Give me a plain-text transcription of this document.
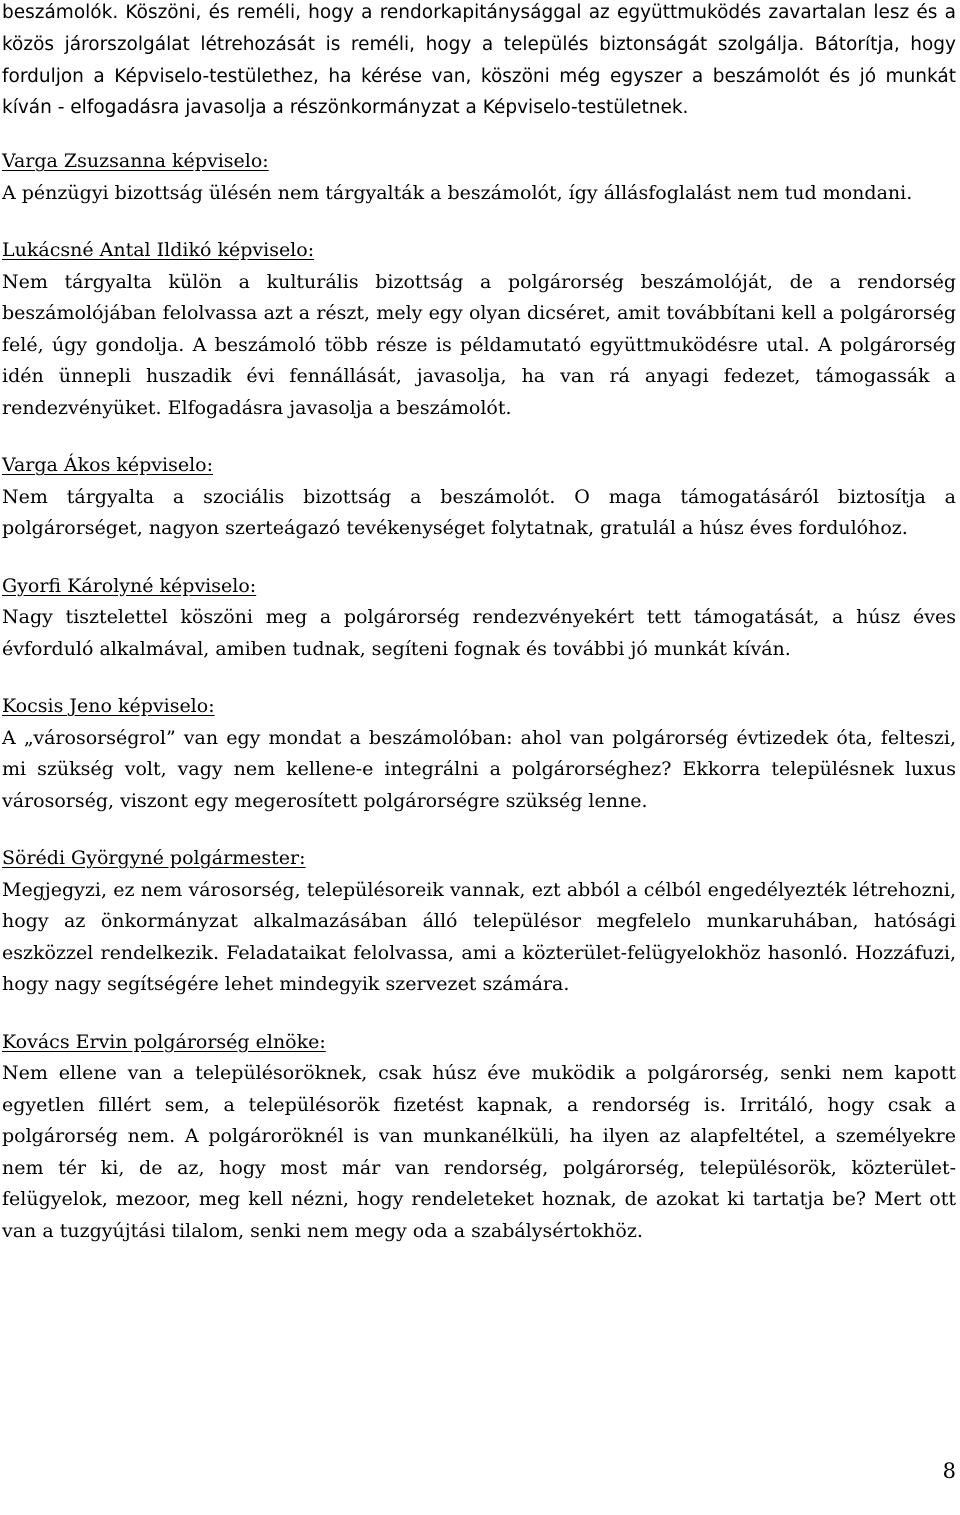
beszámolók. Köszöni, és reméli, hogy a rendorkapitánysággal az együttmuködés zavartalan lesz és a közös járorszolgálat létrehozását is reméli, hogy a település biztonságát szolgálja. Bátorítja, hogy forduljon a Képviselo-testülethez, ha kérése van, köszöni még egyszer a beszámolót és jó munkát kíván - elfogadásra javasolja a részönkormányzat a Képviselo-testületnek.

Varga Zsuzsanna képviselo:

A pénzügyi bizottság ülésén nem tárgyalták a beszámolót, így állásfoglalást nem tud mondani.

Lukácsné Antal Ildikó képviselo:

Nem tárgyalta külön a kulturális bizottság a polgárorség beszámolóját, de a rendorség beszámolójában felolvassa azt a részt, mely egy olyan dicséret, amit továbbítani kell a polgárorség felé, úgy gondolja. A beszámoló több része is példamutató együttmuködésre utal. A polgárorség idén ünnepli huszadik évi fennállását, javasolja, ha van rá anyagi fedezet, támogassák a rendezvényüket. Elfogadásra javasolja a beszámolót.

Varga Ákos képviselo:

Nem tárgyalta a szociális bizottság a beszámolót. O maga támogatásáról biztosítja a polgárorséget, nagyon szerteágazó tevékenységet folytatnak, gratulál a húsz éves fordulóhoz.

Gyorfi Károlyné képviselo:

Nagy tisztelettel köszöni meg a polgárorség rendezvényekért tett támogatását, a húsz éves évforduló alkalmával, amiben tudnak, segíteni fognak és további jó munkát kíván.

Kocsis Jeno képviselo:

A „városorségrol” van egy mondat a beszámolóban: ahol van polgárorség évtizedek óta, felteszi, mi szükség volt, vagy nem kellene-e integrálni a polgárorséghez? Ekkorra településnek luxus városorség, viszont egy megerosített polgárorségre szükség lenne.

Sörédi Györgyné polgármester:

Megjegyzi, ez nem városorség, településoreik vannak, ezt abból a célból engedélyezték létrehozni, hogy az önkormányzat alkalmazásában álló településor megfelelo munkaruhában, hatósági eszközzel rendelkezik. Feladataikat felolvassa, ami a közterület-felügyelokhöz hasonló. Hozzáfuzi, hogy nagy segítségére lehet mindegyik szervezet számára.

Kovács Ervin polgárorség elnöke:

Nem ellene van a településoröknek, csak húsz éve muködik a polgárorség, senki nem kapott egyetlen fillért sem, a településorök fizetést kapnak, a rendorség is. Irritáló, hogy csak a polgárorség nem. A polgároröknél is van munkanélküli, ha ilyen az alapfeltétel, a személyekre nem tér ki, de az, hogy most már van rendorség, polgárorség, településorök, közterület-felügyelok, mezoor, meg kell nézni, hogy rendeleteket hoznak, de azokat ki tartatja be? Mert ott van a tuzgyújtási tilalom, senki nem megy oda a szabálysértokhöz.

8
